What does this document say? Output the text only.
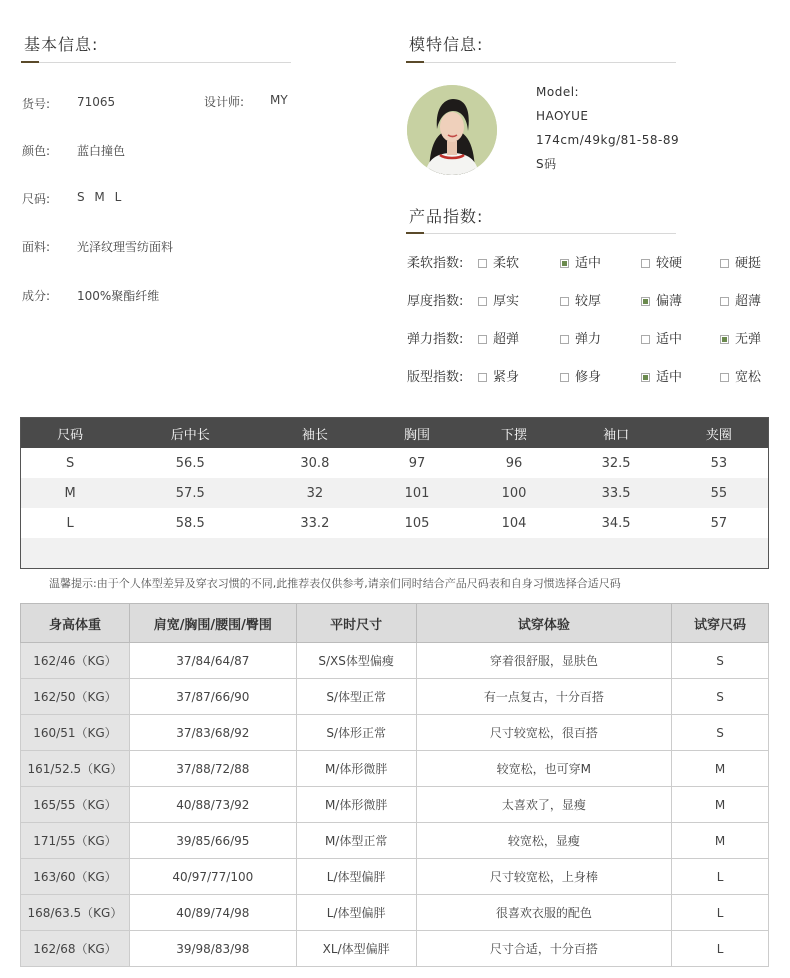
基本信息:
货号: 71065	设计师: MY
颜色: 蓝白撞色
尺码: S M L
面料: 光泽纹理雪纺面料
成分: 100%聚酯纤维
模特信息:
Model:
HAOYUE
174cm/49kg/81-58-89
S码
产品指数:
柔软指数:	柔软	适中	较硬	硬挺
厚度指数:	厚实	较厚	偏薄	超薄
弹力指数:	超弹	弹力	适中	无弹
版型指数:	紧身	修身	适中	宽松
尺码	后中长	袖长	胸围	下摆	袖口	夹圈
S	56.5	30.8	97	96	32.5	53
M	57.5	32	101	100	33.5	55
L	58.5	33.2	105	104	34.5	57

温馨提示:由于个人体型差异及穿衣习惯的不同,此推荐表仅供参考,请亲们同时结合产品尺码表和自身习惯选择合适尺码
身高体重	肩宽/胸围/腰围/臀围	平时尺寸	试穿体验	试穿尺码
162/46（KG）	37/84/64/87	S/XS体型偏瘦	穿着很舒服，显肤色	S
162/50（KG）	37/87/66/90	S/体型正常	有一点复古，十分百搭	S
160/51（KG）	37/83/68/92	S/体形正常	尺寸较宽松，很百搭	S
161/52.5（KG）	37/88/72/88	M/体形微胖	较宽松，也可穿M	M
165/55（KG）	40/88/73/92	M/体形微胖	太喜欢了，显瘦	M
171/55（KG）	39/85/66/95	M/体型正常	较宽松，显瘦	M
163/60（KG）	40/97/77/100	L/体型偏胖	尺寸较宽松，上身棒	L
168/63.5（KG）	40/89/74/98	L/体型偏胖	很喜欢衣服的配色	L
162/68（KG）	39/98/83/98	XL/体型偏胖	尺寸合适，十分百搭	L
